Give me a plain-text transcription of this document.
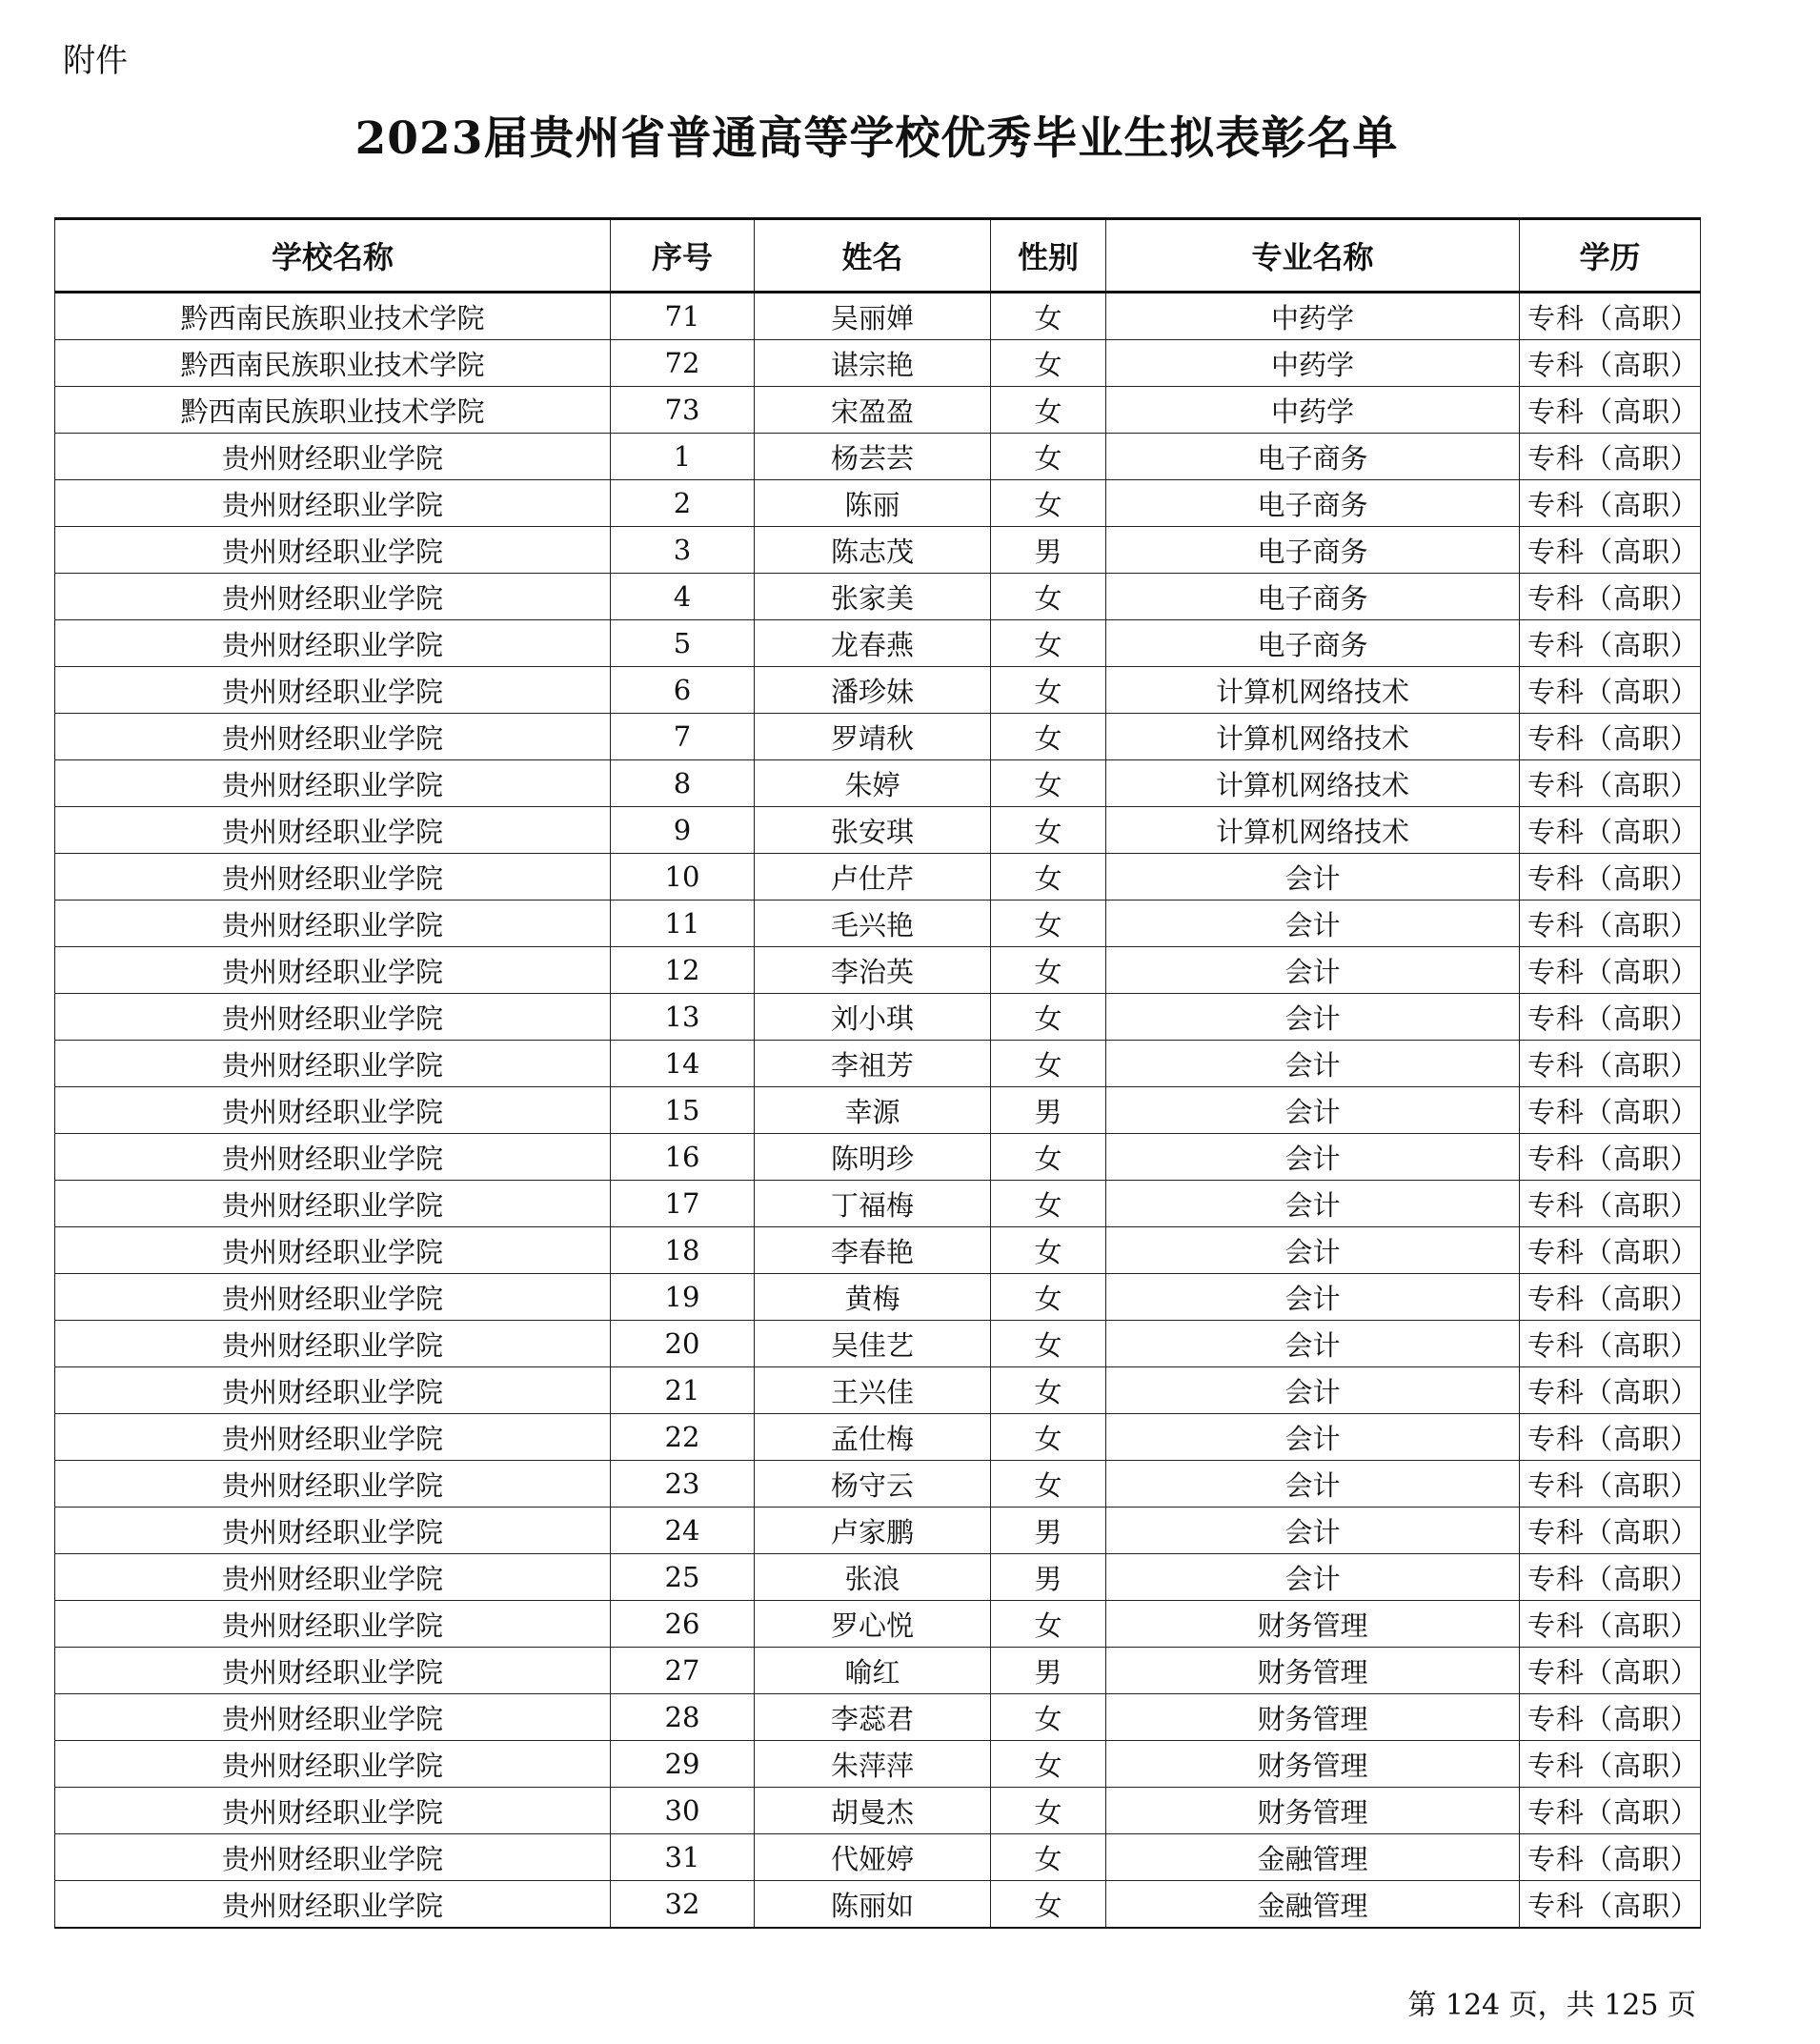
附件
2023届贵州省普通高等学校优秀毕业生拟表彰名单
学校名称	序号	姓名	性别	专业名称	学历
黔西南民族职业技术学院	71	吴丽婵	女	中药学	专科（高职）
黔西南民族职业技术学院	72	谌宗艳	女	中药学	专科（高职）
黔西南民族职业技术学院	73	宋盈盈	女	中药学	专科（高职）
贵州财经职业学院	1	杨芸芸	女	电子商务	专科（高职）
贵州财经职业学院	2	陈丽	女	电子商务	专科（高职）
贵州财经职业学院	3	陈志茂	男	电子商务	专科（高职）
贵州财经职业学院	4	张家美	女	电子商务	专科（高职）
贵州财经职业学院	5	龙春燕	女	电子商务	专科（高职）
贵州财经职业学院	6	潘珍妹	女	计算机网络技术	专科（高职）
贵州财经职业学院	7	罗靖秋	女	计算机网络技术	专科（高职）
贵州财经职业学院	8	朱婷	女	计算机网络技术	专科（高职）
贵州财经职业学院	9	张安琪	女	计算机网络技术	专科（高职）
贵州财经职业学院	10	卢仕芹	女	会计	专科（高职）
贵州财经职业学院	11	毛兴艳	女	会计	专科（高职）
贵州财经职业学院	12	李治英	女	会计	专科（高职）
贵州财经职业学院	13	刘小琪	女	会计	专科（高职）
贵州财经职业学院	14	李祖芳	女	会计	专科（高职）
贵州财经职业学院	15	幸源	男	会计	专科（高职）
贵州财经职业学院	16	陈明珍	女	会计	专科（高职）
贵州财经职业学院	17	丁福梅	女	会计	专科（高职）
贵州财经职业学院	18	李春艳	女	会计	专科（高职）
贵州财经职业学院	19	黄梅	女	会计	专科（高职）
贵州财经职业学院	20	吴佳艺	女	会计	专科（高职）
贵州财经职业学院	21	王兴佳	女	会计	专科（高职）
贵州财经职业学院	22	孟仕梅	女	会计	专科（高职）
贵州财经职业学院	23	杨守云	女	会计	专科（高职）
贵州财经职业学院	24	卢家鹏	男	会计	专科（高职）
贵州财经职业学院	25	张浪	男	会计	专科（高职）
贵州财经职业学院	26	罗心悦	女	财务管理	专科（高职）
贵州财经职业学院	27	喻红	男	财务管理	专科（高职）
贵州财经职业学院	28	李蕊君	女	财务管理	专科（高职）
贵州财经职业学院	29	朱萍萍	女	财务管理	专科（高职）
贵州财经职业学院	30	胡曼杰	女	财务管理	专科（高职）
贵州财经职业学院	31	代娅婷	女	金融管理	专科（高职）
贵州财经职业学院	32	陈丽如	女	金融管理	专科（高职）
第 124 页，共 125 页
